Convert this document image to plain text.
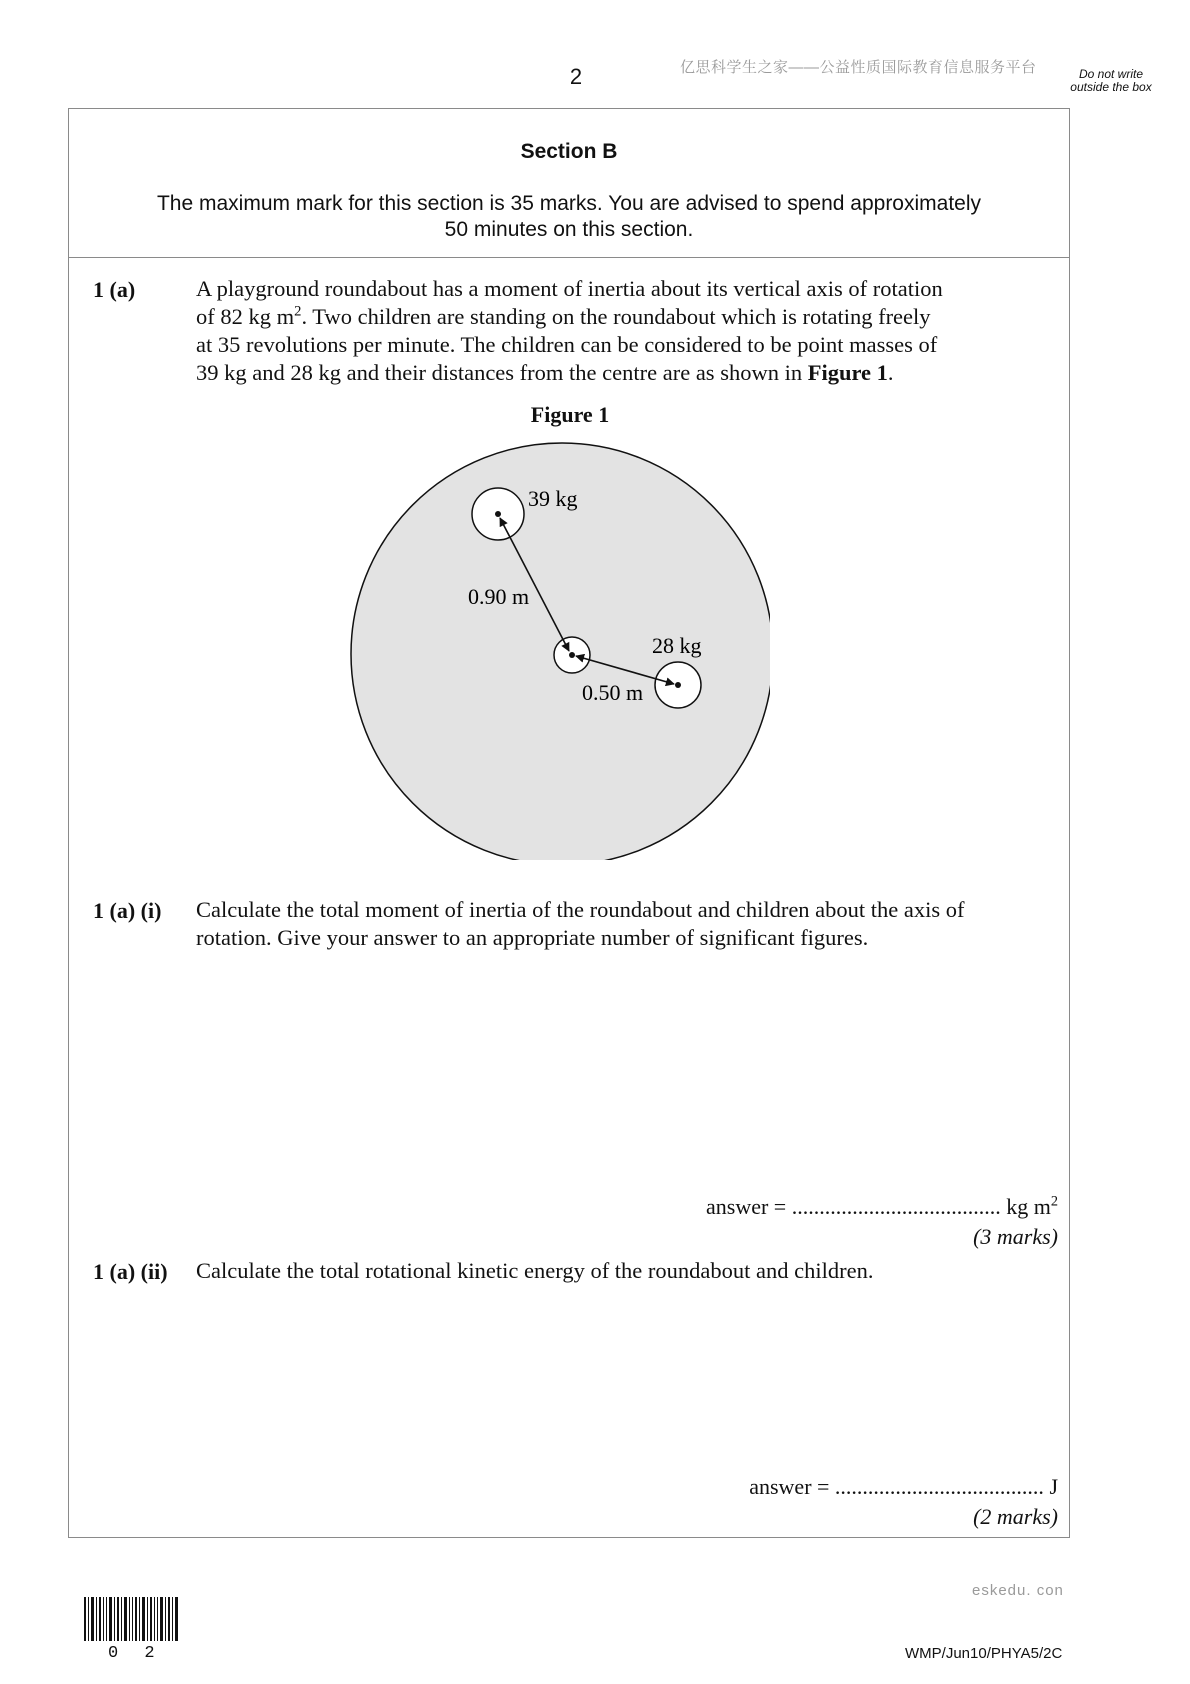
2	亿思科学生之家——公益性质国际教育信息服务平台	Do not write outside the box
Section B
The maximum mark for this section is 35 marks. You are advised to spend approximately
50 minutes on this section.
1 (a)	A playground roundabout has a moment of inertia about its vertical axis of rotation
of 82 kg $m^2$. Two children are standing on the roundabout which is rotating freely
at 35 revolutions per minute. The children can be considered to be point masses of
39 kg and 28 kg and their distances from the centre are as shown in Figure 1.
Figure 1
39 kg
28 kg
0.90 m
0.50 m
1 (a) (i) Calculate the total moment of inertia of the roundabout and children about the axis of
rotation. Give your answer to an appropriate number of significant figures.
answer = ...................................... kg $m^2$
(3 marks)
1 (a) (ii) Calculate the total rotational kinetic energy of the roundabout and children.
answer = ...................................... J
(2 marks)
eskedu. con
0 2	WMP/Jun10/PHYA5/2C
